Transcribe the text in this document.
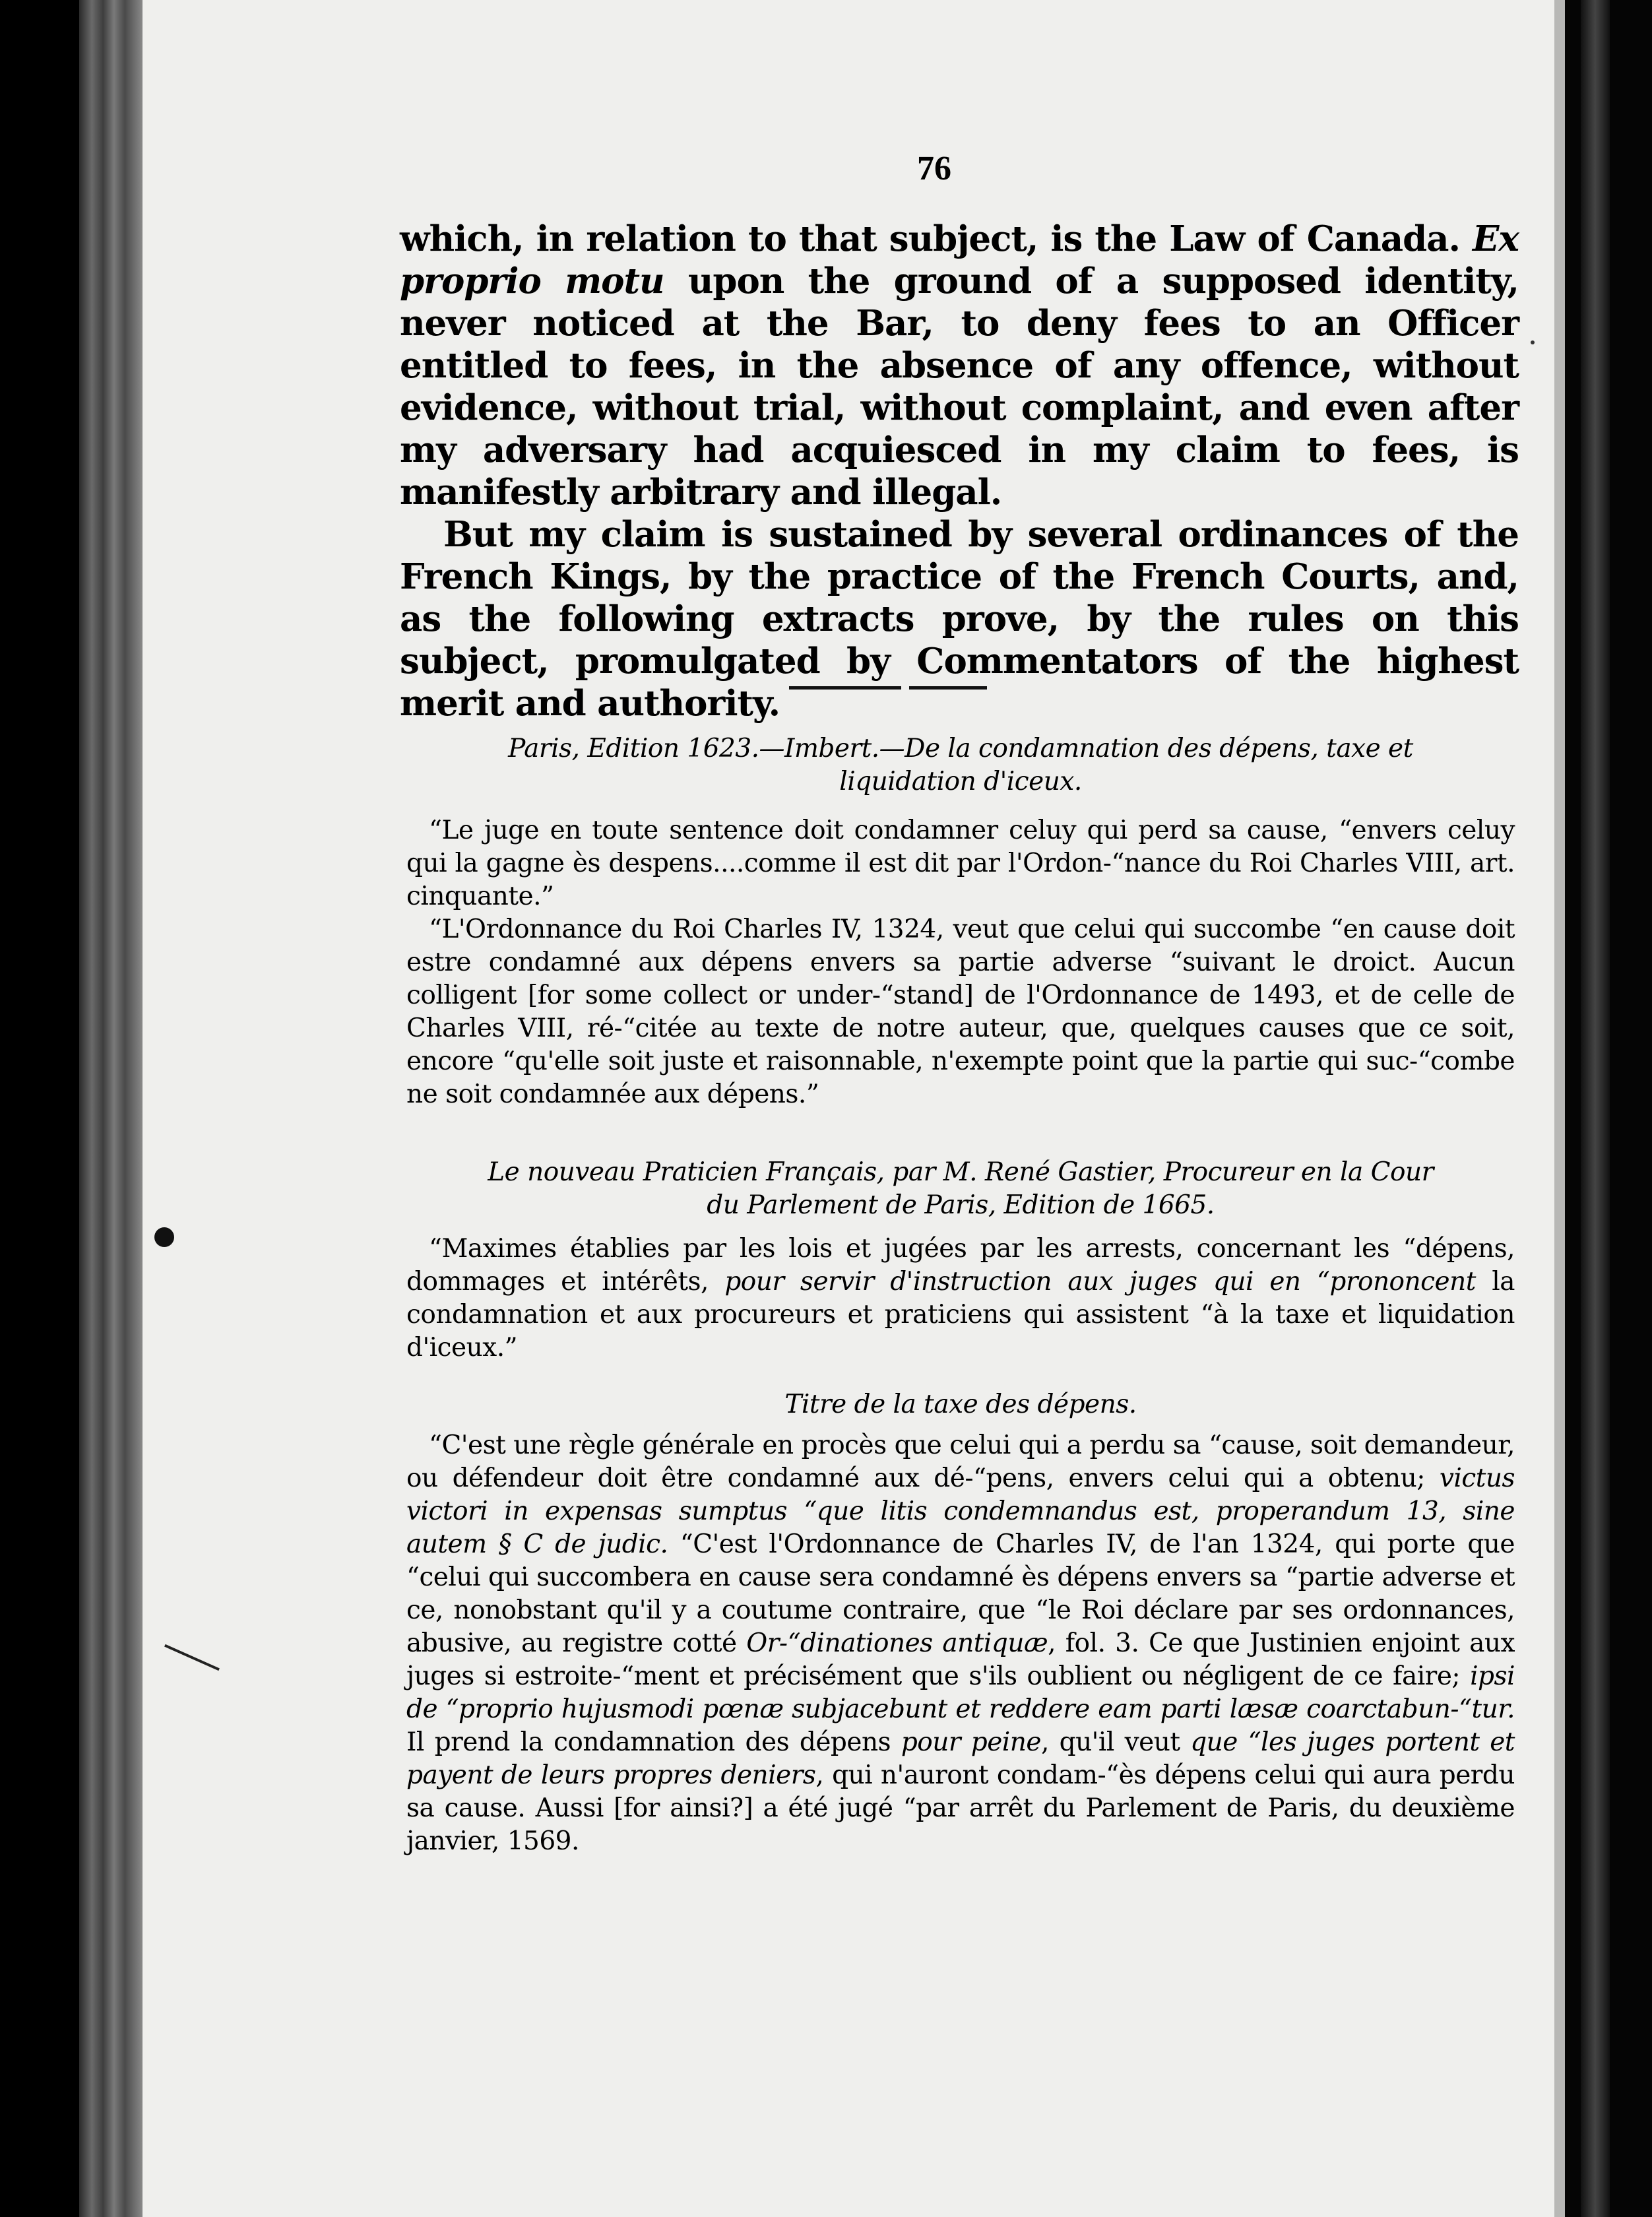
76

which, in relation to that subject, is the Law of Canada. Ex proprio motu upon the ground of a supposed identity, never noticed at the Bar, to deny fees to an Officer entitled to fees, in the absence of any offence, without evidence, without trial, without complaint, and even after my adversary had acquiesced in my claim to fees, is manifestly arbitrary and illegal.

But my claim is sustained by several ordinances of the French Kings, by the practice of the French Courts, and, as the following extracts prove, by the rules on this subject, promulgated by Commentators of the highest merit and authority.

Paris, Edition 1623.—Imbert.—De la condamnation des dépens, taxe et

liquidation d'iceux.

“Le juge en toute sentence doit condamner celuy qui perd sa cause, “envers celuy qui la gagne ès despens....comme il est dit par l'Ordon-“nance du Roi Charles VIII, art. cinquante.”

“L'Ordonnance du Roi Charles IV, 1324, veut que celui qui succombe “en cause doit estre condamné aux dépens envers sa partie adverse “suivant le droict. Aucun colligent [for some collect or under-“stand] de l'Ordonnance de 1493, et de celle de Charles VIII, ré-“citée au texte de notre auteur, que, quelques causes que ce soit, encore “qu'elle soit juste et raisonnable, n'exempte point que la partie qui suc-“combe ne soit condamnée aux dépens.”

Le nouveau Praticien Français, par M. René Gastier, Procureur en la Cour

du Parlement de Paris, Edition de 1665.

“Maximes établies par les lois et jugées par les arrests, concernant les “dépens, dommages et intérêts, pour servir d'instruction aux juges qui en “prononcent la condamnation et aux procureurs et praticiens qui assistent “à la taxe et liquidation d'iceux.”

Titre de la taxe des dépens.

“C'est une règle générale en procès que celui qui a perdu sa “cause, soit demandeur, ou défendeur doit être condamné aux dé-“pens, envers celui qui a obtenu; victus victori in expensas sumptus “que litis condemnandus est, properandum 13, sine autem § C de judic. “C'est l'Ordonnance de Charles IV, de l'an 1324, qui porte que “celui qui succombera en cause sera condamné ès dépens envers sa “partie adverse et ce, nonobstant qu'il y a coutume contraire, que “le Roi déclare par ses ordonnances, abusive, au registre cotté Or-“dinationes antiquæ, fol. 3. Ce que Justinien enjoint aux juges si estroite-“ment et précisément que s'ils oublient ou négligent de ce faire; ipsi de “proprio hujusmodi pœnæ subjacebunt et reddere eam parti læsæ coarctabun-“tur. Il prend la condamnation des dépens pour peine, qu'il veut que “les juges portent et payent de leurs propres deniers, qui n'auront condam-“ès dépens celui qui aura perdu sa cause. Aussi [for ainsi?] a été jugé “par arrêt du Parlement de Paris, du deuxième janvier, 1569.
